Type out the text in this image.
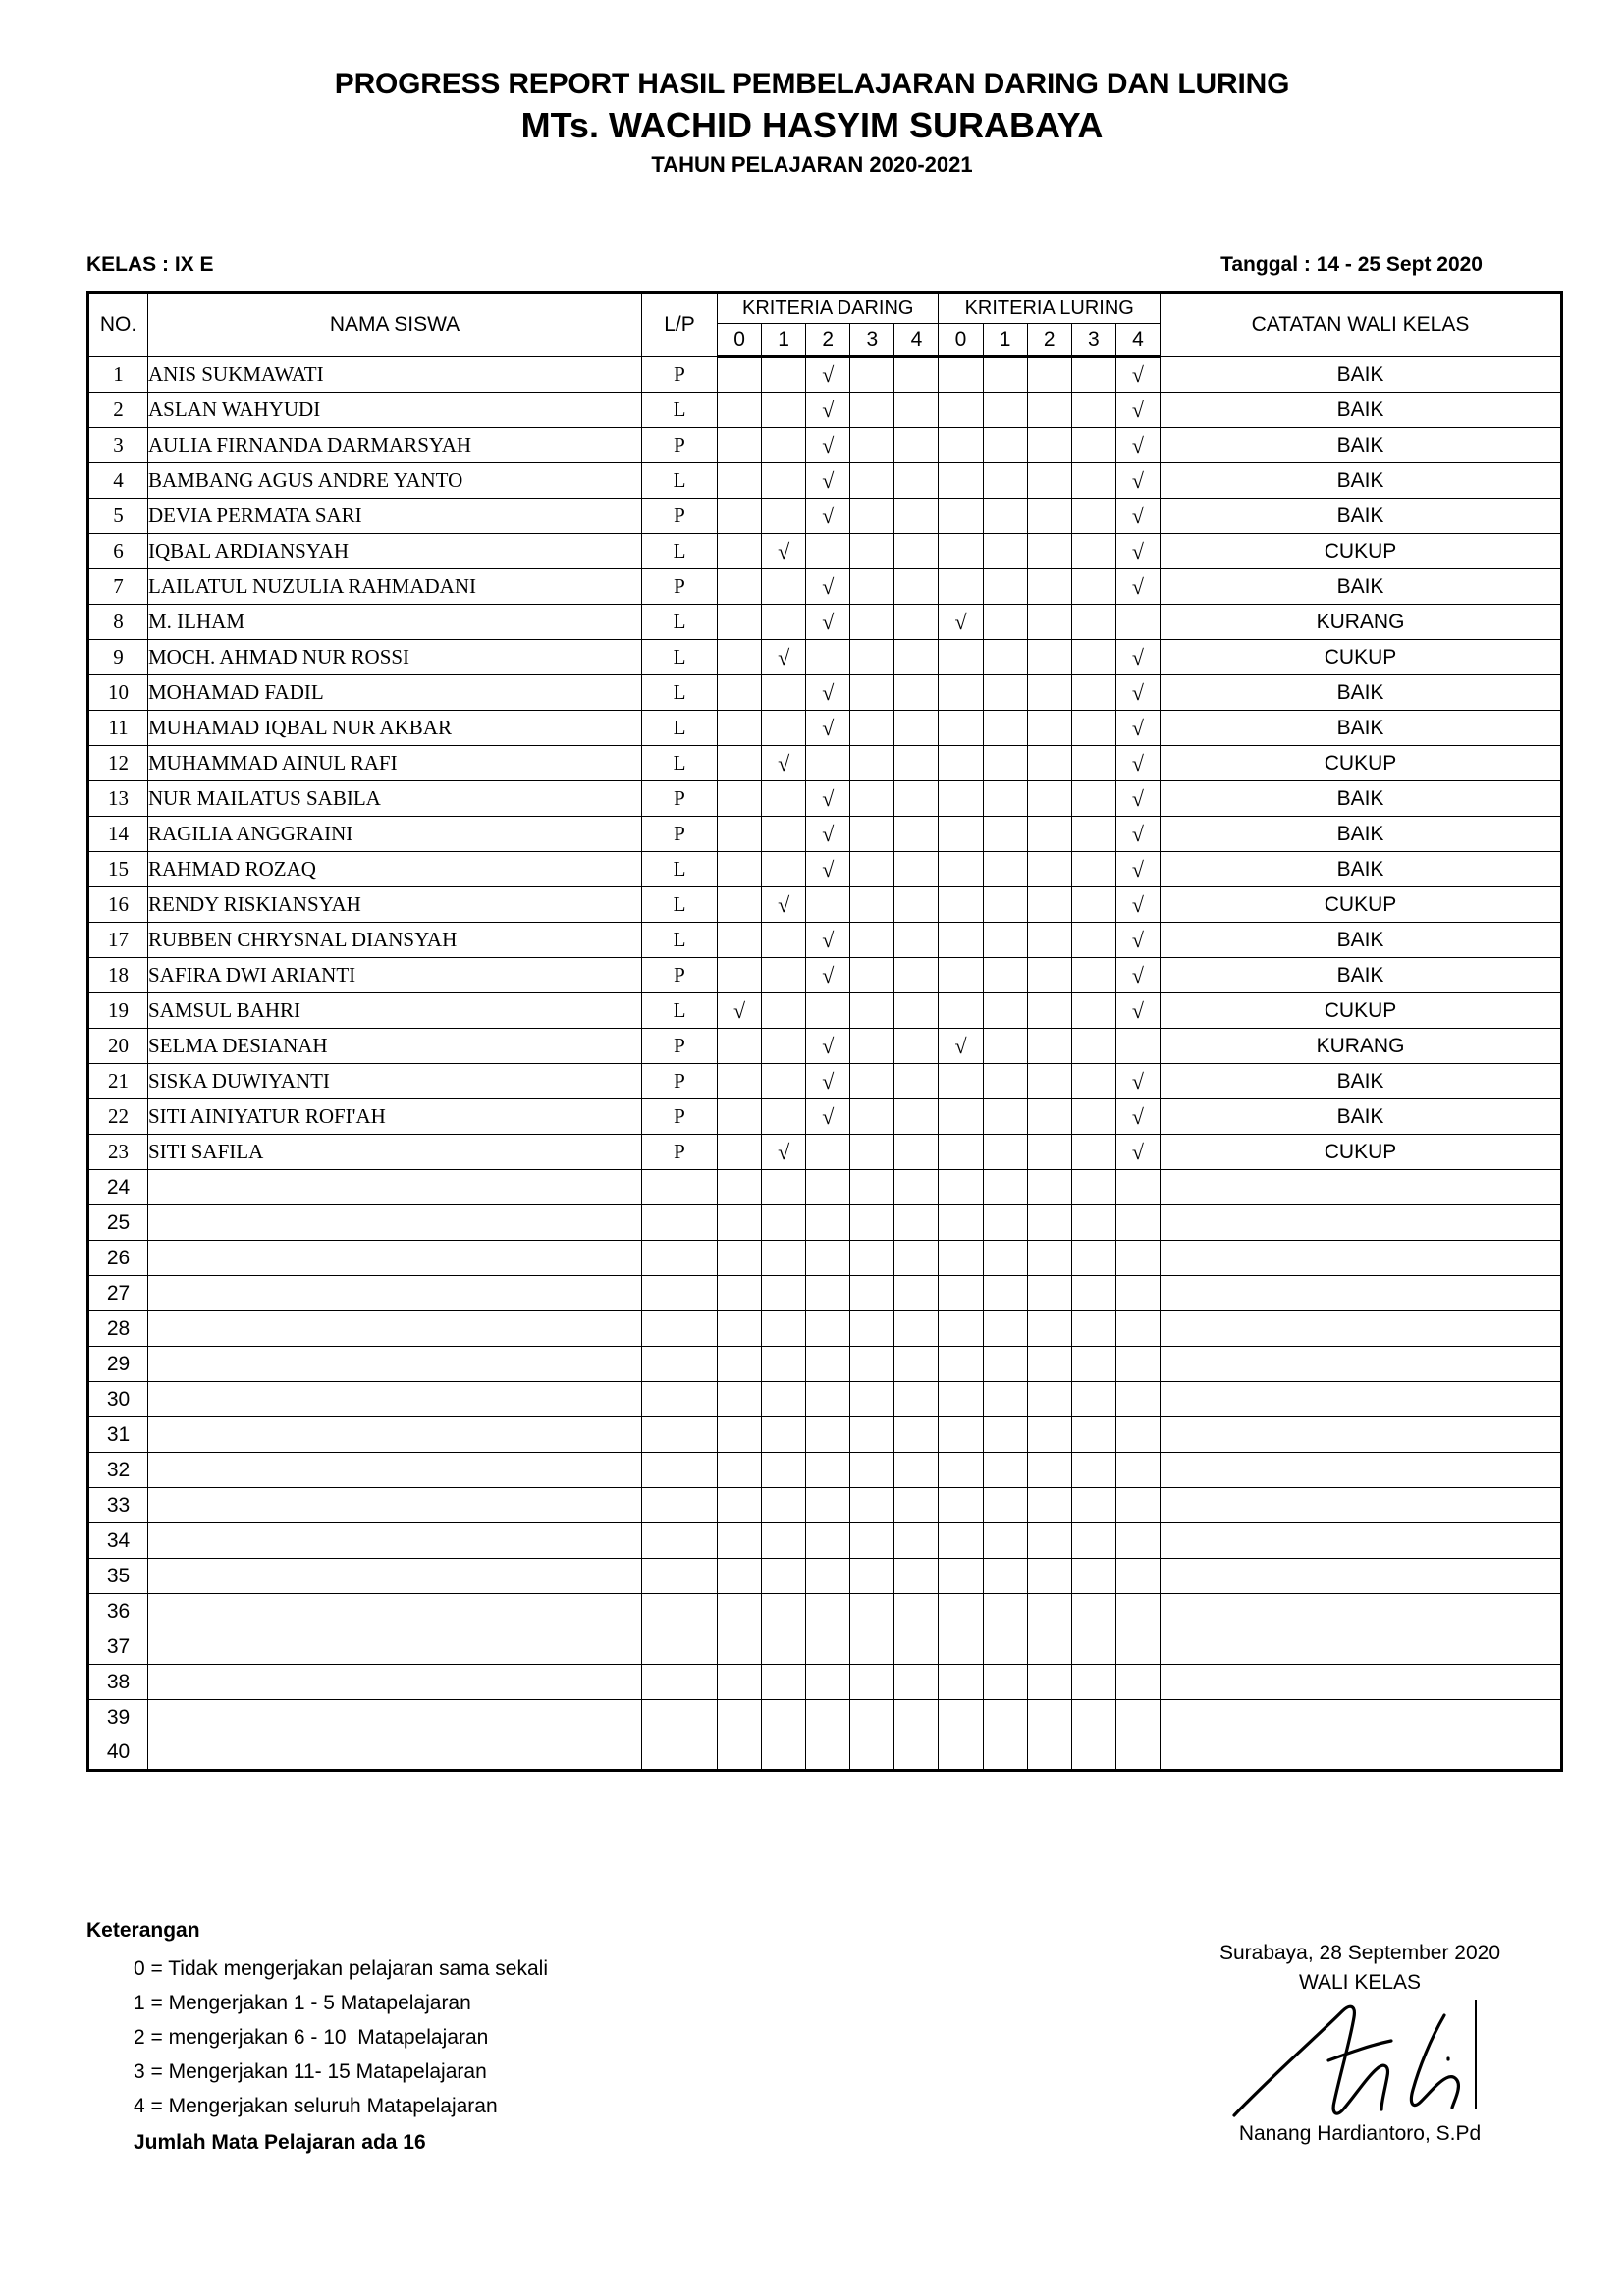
PROGRESS REPORT HASIL PEMBELAJARAN DARING DAN LURING
MTs. WACHID HASYIM SURABAYA
TAHUN PELAJARAN 2020-2021
KELAS : IX E	Tanggal : 14 - 25 Sept 2020
NO.	NAMA SISWA	L/P	KRITERIA DARING					KRITERIA LURING					CATATAN WALI KELAS
			0	1	2	3	4	0	1	2	3	4	
1	ANIS SUKMAWATI	P			√							√	BAIK
2	ASLAN WAHYUDI	L			√							√	BAIK
3	AULIA FIRNANDA DARMARSYAH	P			√							√	BAIK
4	BAMBANG AGUS ANDRE YANTO	L			√							√	BAIK
5	DEVIA PERMATA SARI	P			√							√	BAIK
6	IQBAL ARDIANSYAH	L		√								√	CUKUP
7	LAILATUL NUZULIA RAHMADANI	P			√							√	BAIK
8	M. ILHAM	L			√			√					KURANG
9	MOCH. AHMAD NUR ROSSI	L		√								√	CUKUP
10	MOHAMAD FADIL	L			√							√	BAIK
11	MUHAMAD IQBAL NUR AKBAR	L			√							√	BAIK
12	MUHAMMAD AINUL RAFI	L		√								√	CUKUP
13	NUR MAILATUS SABILA	P			√							√	BAIK
14	RAGILIA ANGGRAINI	P			√							√	BAIK
15	RAHMAD ROZAQ	L			√							√	BAIK
16	RENDY RISKIANSYAH	L		√								√	CUKUP
17	RUBBEN CHRYSNAL DIANSYAH	L			√							√	BAIK
18	SAFIRA DWI ARIANTI	P			√							√	BAIK
19	SAMSUL BAHRI	L	√									√	CUKUP
20	SELMA DESIANAH	P			√			√					KURANG
21	SISKA DUWIYANTI	P			√							√	BAIK
22	SITI AINIYATUR ROFI'AH	P			√							√	BAIK
23	SITI SAFILA	P		√								√	CUKUP
24													
25													
26													
27													
28													
29													
30													
31													
32													
33													
34													
35													
36													
37													
38													
39													
40													
Keterangan
0 = Tidak mengerjakan pelajaran sama sekali
1 = Mengerjakan 1 - 5 Matapelajaran
2 = mengerjakan 6 - 10  Matapelajaran
3 = Mengerjakan 11- 15 Matapelajaran
4 = Mengerjakan seluruh Matapelajaran
Jumlah Mata Pelajaran ada 16
Surabaya, 28 September 2020
WALI KELAS
Nanang Hardiantoro, S.Pd
